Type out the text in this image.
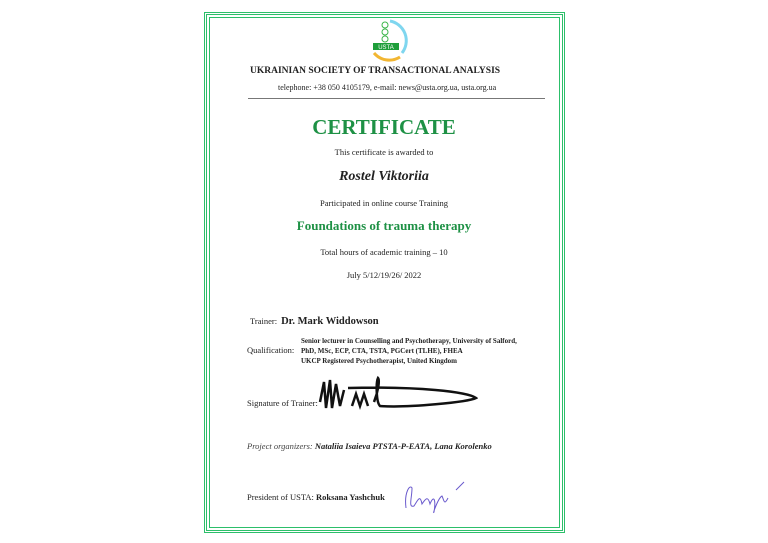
USTA
UKRAINIAN SOCIETY OF TRANSACTIONAL ANALYSIS
telephone: +38 050 4105179, e-mail: news@usta.org.ua, usta.org.ua
CERTIFICATE
This certificate is awarded to
Rostel Viktoriia
Participated in online course Training
Foundations of trauma therapy
Total hours of academic training – 10
July 5/12/19/26/ 2022
Trainer: Dr. Mark Widdowson
Qualification:
Senior lecturer in Counselling and Psychotherapy, University of Salford,
PhD, MSc, ECP, CTA, TSTA, PGCert (TLHE), FHEA
UKCP Registered Psychotherapist, United Kingdom
Signature of Trainer:
Project organizers: Nataliia Isaieva PTSTA-P-EATA, Lana Korolenko
President of USTA: Roksana Yashchuk
